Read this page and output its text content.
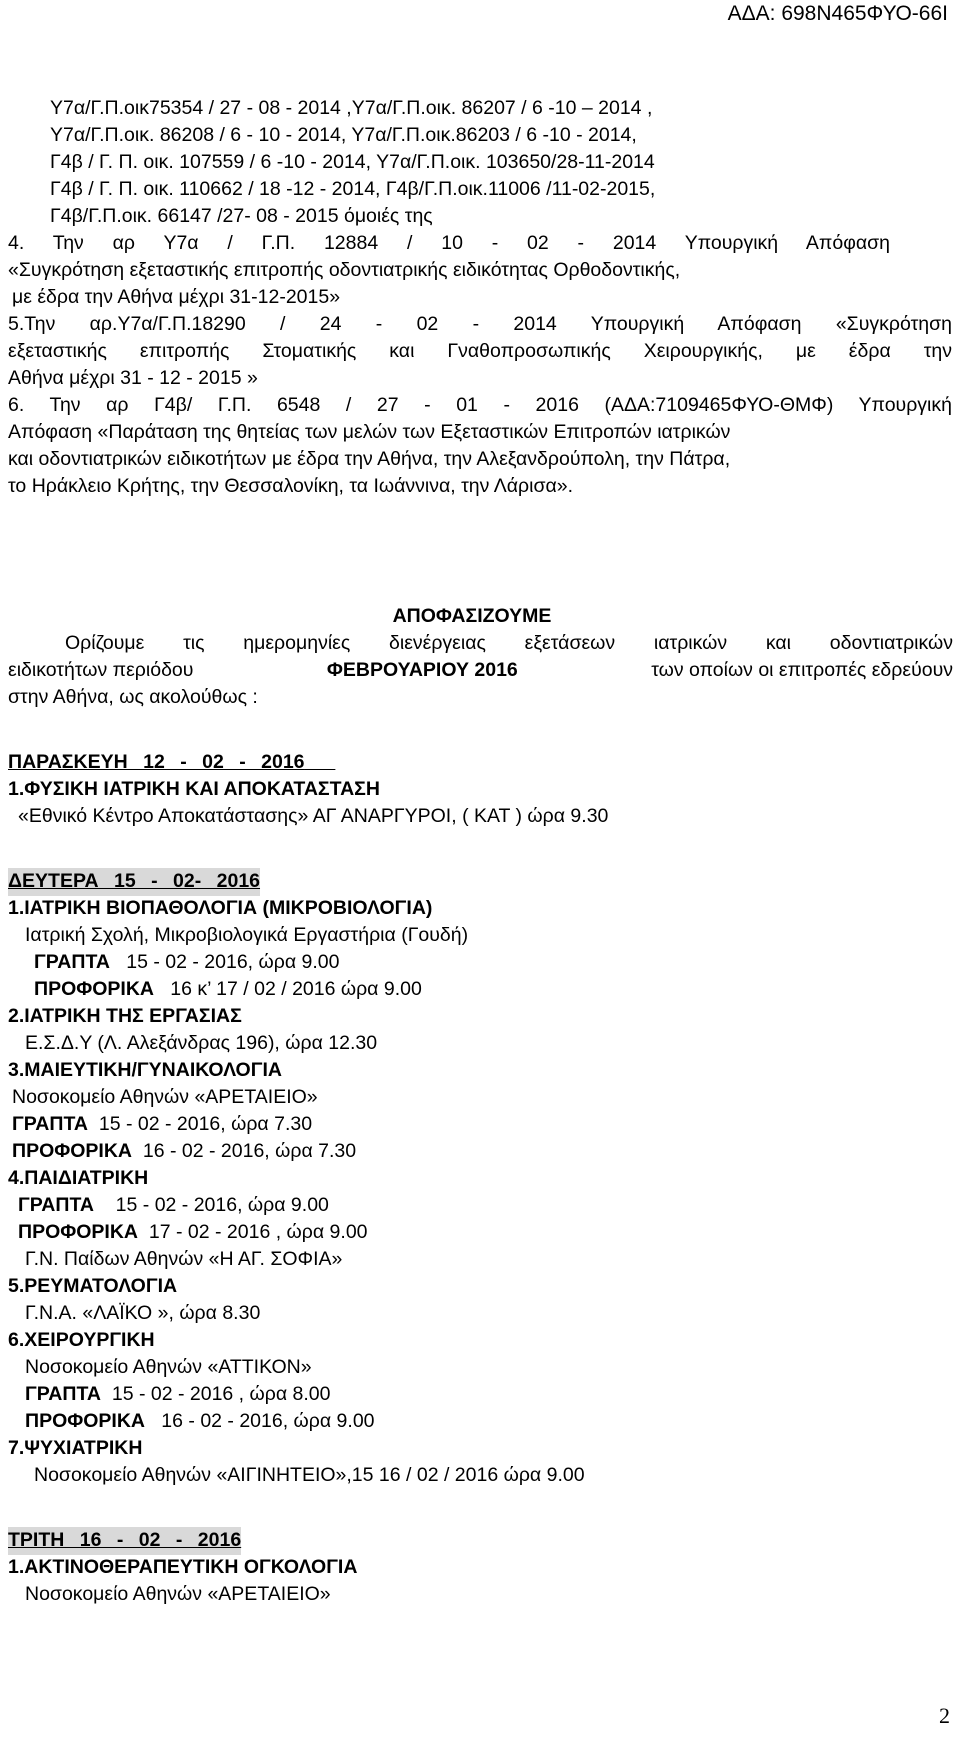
ΑΔΑ: 698Ν465ΦΥΟ-66Ι
Υ7α/Γ.Π.οικ75354 / 27 - 08 - 2014 ,Υ7α/Γ.Π.οικ. 86207 / 6 -10 – 2014 ,
Υ7α/Γ.Π.οικ. 86208 / 6 - 10 - 2014, Υ7α/Γ.Π.οικ.86203 / 6 -10 - 2014,
Γ4β / Γ. Π. οικ. 107559 / 6 -10 - 2014, Υ7α/Γ.Π.οικ. 103650/28-11-2014
Γ4β / Γ. Π. οικ. 110662 / 18 -12 - 2014, Γ4β/Γ.Π.οικ.11006 /11-02-2015,
Γ4β/Γ.Π.οικ. 66147 /27- 08 - 2015 όμοιές της
4. Την αρ Υ7α / Γ.Π. 12884 / 10 - 02 - 2014 Υπουργική Απόφαση
«Συγκρότηση εξεταστικής επιτροπής οδοντιατρικής ειδικότητας Ορθοδοντικής,
με έδρα την Αθήνα μέχρι 31-12-2015»
5.Την αρ.Υ7α/Γ.Π.18290 / 24 - 02 - 2014 Υπουργική Απόφαση «Συγκρότηση
εξεταστικής επιτροπής Στοματικής και Γναθοπροσωπικής Χειρουργικής, με έδρα την
Αθήνα μέχρι 31 - 12 - 2015 »
6. Την αρ Γ4β/ Γ.Π. 6548 / 27 - 01 - 2016 (ΑΔΑ:7109465ΦΥΟ-ΘΜΦ) Υπουργική
Απόφαση «Παράταση της θητείας των μελών των Εξεταστικών Επιτροπών ιατρικών
και οδοντιατρικών ειδικοτήτων με έδρα την Αθήνα, την Αλεξανδρούπολη, την Πάτρα,
το Ηράκλειο Κρήτης, την Θεσσαλονίκη, τα Ιωάννινα, την Λάρισα».
ΑΠΟΦΑΣΙΖΟΥΜΕ
Ορίζουμε τις ημερομηνίες διενέργειας εξετάσεων ιατρικών και οδοντιατρικών
ειδικοτήτων περιόδου	ΦΕΒΡΟΥΑΡΙΟΥ 2016	των οποίων οι επιτροπές εδρεύουν
στην Αθήνα, ως ακολούθως :
ΠΑΡΑΣΚΕΥΗ 12 - 02 - 2016
1.ΦΥΣΙΚΗ ΙΑΤΡΙΚΗ ΚΑΙ ΑΠΟΚΑΤΑΣΤΑΣΗ
«Εθνικό Κέντρο Αποκατάστασης» ΑΓ ΑΝΑΡΓΥΡΟΙ, ( ΚΑΤ ) ώρα 9.30
ΔΕΥΤΕΡΑ 15 - 02- 2016
1.ΙΑΤΡΙΚΗ ΒΙΟΠΑΘΟΛΟΓΙΑ (ΜΙΚΡΟΒΙΟΛΟΓΙΑ)
Ιατρική Σχολή, Μικροβιολογικά Εργαστήρια (Γουδή)
ΓΡΑΠΤΑ 15 - 02 - 2016, ώρα 9.00
ΠΡΟΦΟΡΙΚΑ 16 κ’ 17 / 02 / 2016 ώρα 9.00
2.ΙΑΤΡΙΚΗ ΤΗΣ ΕΡΓΑΣΙΑΣ
Ε.Σ.Δ.Υ (Λ. Αλεξάνδρας 196), ώρα 12.30
3.ΜΑΙΕΥΤΙΚΗ/ΓΥΝΑΙΚΟΛΟΓΙΑ
Νοσοκομείο Αθηνών «ΑΡΕΤΑΙΕΙΟ»
ΓΡΑΠΤΑ 15 - 02 - 2016, ώρα 7.30
ΠΡΟΦΟΡΙΚΑ 16 - 02 - 2016, ώρα 7.30
4.ΠΑΙΔΙΑΤΡΙΚΗ
ΓΡΑΠΤΑ 15 - 02 - 2016, ώρα 9.00
ΠΡΟΦΟΡΙΚΑ 17 - 02 - 2016 , ώρα 9.00
Γ.Ν. Παίδων Αθηνών «Η ΑΓ. ΣΟΦΙΑ»
5.ΡΕΥΜΑΤΟΛΟΓΙΑ
Γ.Ν.Α. «ΛΑΪΚΟ », ώρα 8.30
6.ΧΕΙΡΟΥΡΓΙΚΗ
Νοσοκομείο Αθηνών «ΑΤΤΙΚΟΝ»
ΓΡΑΠΤΑ 15 - 02 - 2016 , ώρα 8.00
ΠΡΟΦΟΡΙΚΑ 16 - 02 - 2016, ώρα 9.00
7.ΨΥΧΙΑΤΡΙΚΗ
Νοσοκομείο Αθηνών «ΑΙΓΙΝΗΤΕΙΟ»,15 16 / 02 / 2016 ώρα 9.00
ΤΡΙΤΗ 16 - 02 - 2016
1.ΑΚΤΙΝΟΘΕΡΑΠΕΥΤΙΚΗ ΟΓΚΟΛΟΓΙΑ
Νοσοκομείο Αθηνών «ΑΡΕΤΑΙΕΙΟ»
2
